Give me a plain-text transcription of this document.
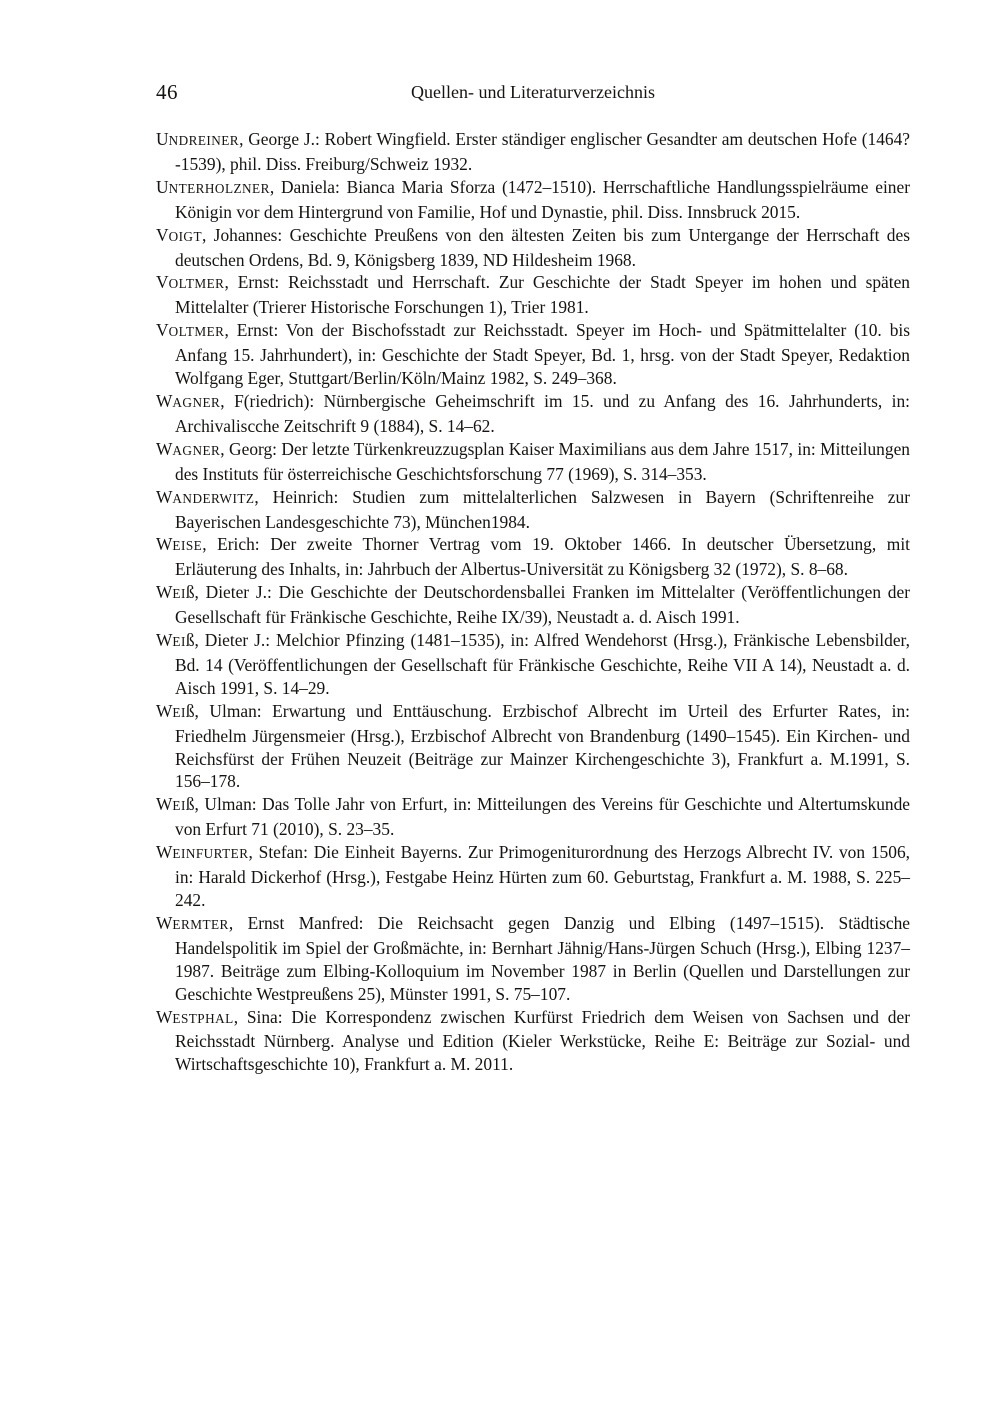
46	Quellen- und Literaturverzeichnis

UNDREINER, George J.: Robert Wingfield. Erster ständiger englischer Gesandter am deutschen Hofe (1464?-1539), phil. Diss. Freiburg/Schweiz 1932.

UNTERHOLZNER, Daniela: Bianca Maria Sforza (1472–1510). Herrschaftliche Handlungsspielräume einer Königin vor dem Hintergrund von Familie, Hof und Dynastie, phil. Diss. Innsbruck 2015.

VOIGT, Johannes: Geschichte Preußens von den ältesten Zeiten bis zum Untergange der Herrschaft des deutschen Ordens, Bd. 9, Königsberg 1839, ND Hildesheim 1968.

VOLTMER, Ernst: Reichsstadt und Herrschaft. Zur Geschichte der Stadt Speyer im hohen und späten Mittelalter (Trierer Historische Forschungen 1), Trier 1981.

VOLTMER, Ernst: Von der Bischofsstadt zur Reichsstadt. Speyer im Hoch- und Spätmittelalter (10. bis Anfang 15. Jahrhundert), in: Geschichte der Stadt Speyer, Bd. 1, hrsg. von der Stadt Speyer, Redaktion Wolfgang Eger, Stuttgart/Berlin/Köln/Mainz 1982, S. 249–368.

WAGNER, F(riedrich): Nürnbergische Geheimschrift im 15. und zu Anfang des 16. Jahrhunderts, in: Archivaliscche Zeitschrift 9 (1884), S. 14–62.

WAGNER, Georg: Der letzte Türkenkreuzzugsplan Kaiser Maximilians aus dem Jahre 1517, in: Mitteilungen des Instituts für österreichische Geschichtsforschung 77 (1969), S. 314–353.

WANDERWITZ, Heinrich: Studien zum mittelalterlichen Salzwesen in Bayern (Schriftenreihe zur Bayerischen Landesgeschichte 73), München1984.

WEISE, Erich: Der zweite Thorner Vertrag vom 19. Oktober 1466. In deutscher Übersetzung, mit Erläuterung des Inhalts, in: Jahrbuch der Albertus-Universität zu Königsberg 32 (1972), S. 8–68.

WEIß, Dieter J.: Die Geschichte der Deutschordensballei Franken im Mittelalter (Veröffentlichungen der Gesellschaft für Fränkische Geschichte, Reihe IX/39), Neustadt a. d. Aisch 1991.

WEIß, Dieter J.: Melchior Pfinzing (1481–1535), in: Alfred Wendehorst (Hrsg.), Fränkische Lebensbilder, Bd. 14 (Veröffentlichungen der Gesellschaft für Fränkische Geschichte, Reihe VII A 14), Neustadt a. d. Aisch 1991, S. 14–29.

WEIß, Ulman: Erwartung und Enttäuschung. Erzbischof Albrecht im Urteil des Erfurter Rates, in: Friedhelm Jürgensmeier (Hrsg.), Erzbischof Albrecht von Brandenburg (1490–1545). Ein Kirchen- und Reichsfürst der Frühen Neuzeit (Beiträge zur Mainzer Kirchengeschichte 3), Frankfurt a. M.1991, S. 156–178.

WEIß, Ulman: Das Tolle Jahr von Erfurt, in: Mitteilungen des Vereins für Geschichte und Altertumskunde von Erfurt 71 (2010), S. 23–35.

WEINFURTER, Stefan: Die Einheit Bayerns. Zur Primogeniturordnung des Herzogs Albrecht IV. von 1506, in: Harald Dickerhof (Hrsg.), Festgabe Heinz Hürten zum 60. Geburtstag, Frankfurt a. M. 1988, S. 225–242.

WERMTER, Ernst Manfred: Die Reichsacht gegen Danzig und Elbing (1497–1515). Städtische Handelspolitik im Spiel der Großmächte, in: Bernhart Jähnig/Hans-Jürgen Schuch (Hrsg.), Elbing 1237–1987. Beiträge zum Elbing-Kolloquium im November 1987 in Berlin (Quellen und Darstellungen zur Geschichte Westpreußens 25), Münster 1991, S. 75–107.

WESTPHAL, Sina: Die Korrespondenz zwischen Kurfürst Friedrich dem Weisen von Sachsen und der Reichsstadt Nürnberg. Analyse und Edition (Kieler Werkstücke, Reihe E: Beiträge zur Sozial- und Wirtschaftsgeschichte 10), Frankfurt a. M. 2011.
